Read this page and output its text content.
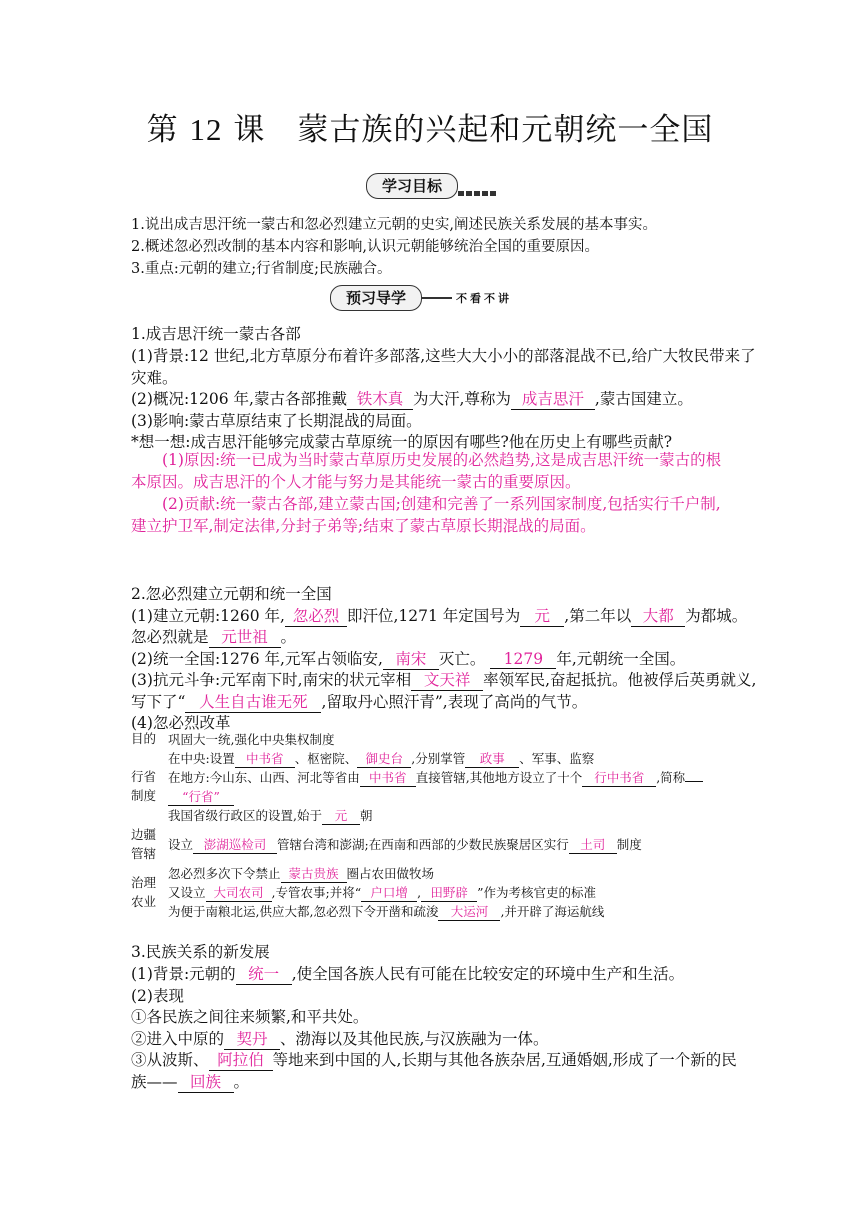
第 12 课　蒙古族的兴起和元朝统一全国
学习目标
1.说出成吉思汗统一蒙古和忽必烈建立元朝的史实,阐述民族关系发展的基本事实。
2.概述忽必烈改制的基本内容和影响,认识元朝能够统治全国的重要原因。
3.重点:元朝的建立;行省制度;民族融合。
预习导学	不看不讲
1.成吉思汗统一蒙古各部
(1)背景:12 世纪,北方草原分布着许多部落,这些大大小小的部落混战不已,给广大牧民带来了
灾难。
(2)概况:1206 年,蒙古各部推戴 铁木真 为大汗,尊称为 成吉思汗 ,蒙古国建立。
(3)影响:蒙古草原结束了长期混战的局面。
*想一想:成吉思汗能够完成蒙古草原统一的原因有哪些?他在历史上有哪些贡献?
(1)原因:统一已成为当时蒙古草原历史发展的必然趋势,这是成吉思汗统一蒙古的根本原因。成吉思汗的个人才能与努力是其能统一蒙古的重要原因。
(2)贡献:统一蒙古各部,建立蒙古国;创建和完善了一系列国家制度,包括实行千户制,建立护卫军,制定法律,分封子弟等;结束了蒙古草原长期混战的局面。
2.忽必烈建立元朝和统一全国
(1)建立元朝:1260 年, 忽必烈 即汗位,1271 年定国号为 元 ,第二年以 大都 为都城。
忽必烈就是 元世祖 。
(2)统一全国:1276 年,元军占领临安, 南宋 灭亡。 1279 年,元朝统一全国。
(3)抗元斗争:元军南下时,南宋的状元宰相 文天祥 率领军民,奋起抵抗。他被俘后英勇就义,
写下了“ 人生自古谁无死 ,留取丹心照汗青”,表现了高尚的气节。
(4)忽必烈改革
目的 巩固大一统,强化中央集权制度
行省
制度
在中央:设置 中书省 、枢密院、 御史台 ,分别掌管 政事 、军事、监察
在地方:今山东、山西、河北等省由 中书省 直接管辖,其他地方设立了十个 行中书省 ,简称
“行省”
我国省级行政区的设置,始于 元 朝
边疆
管辖
设立 澎湖巡检司 管辖台湾和澎湖;在西南和西部的少数民族聚居区实行 土司 制度
治理
农业
忽必烈多次下令禁止 蒙古贵族 圈占农田做牧场
又设立 大司农司 ,专管农事;并将“ 户口增 , 田野辟 ”作为考核官吏的标准
为便于南粮北运,供应大都,忽必烈下令开凿和疏浚 大运河 ,并开辟了海运航线
3.民族关系的新发展
(1)背景:元朝的 统一 ,使全国各族人民有可能在比较安定的环境中生产和生活。
(2)表现
①各民族之间往来频繁,和平共处。
②进入中原的 契丹 、渤海以及其他民族,与汉族融为一体。
③从波斯、 阿拉伯 等地来到中国的人,长期与其他各族杂居,互通婚姻,形成了一个新的民
族—— 回族 。
